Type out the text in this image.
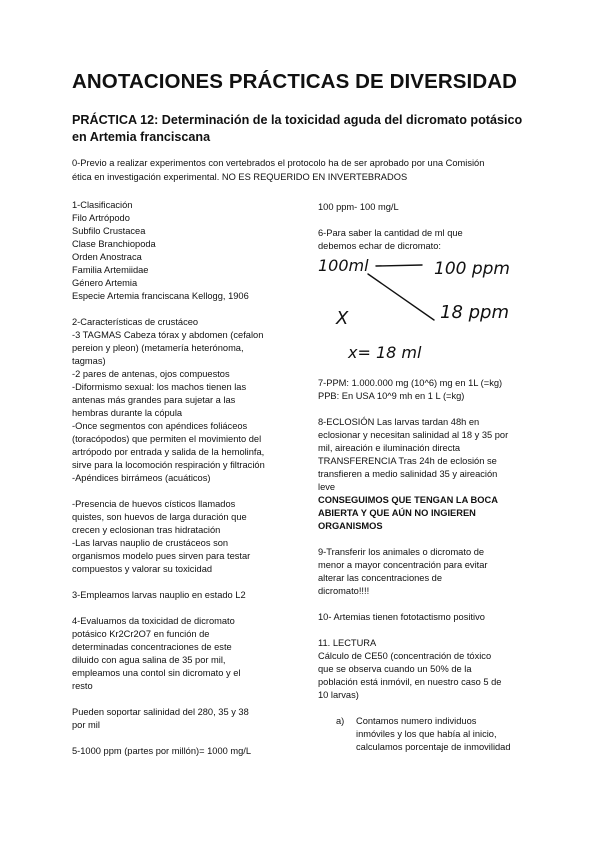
ANOTACIONES PRÁCTICAS DE DIVERSIDAD
PRÁCTICA 12: Determinación de la toxicidad aguda del dicromato potásico en Artemia franciscana
0-Previo a realizar experimentos con vertebrados el protocolo ha de ser aprobado por una Comisión
ética en investigación experimental. NO ES REQUERIDO EN INVERTEBRADOS

1-Clasificación

Filo Artrópodo

Subfilo Crustacea

Clase Branchiopoda

Orden Anostraca

Familia Artemiidae

Género Artemia

Especie Artemia franciscana Kellogg, 1906

2-Características de crustáceo

-3 TAGMAS Cabeza tórax y abdomen (cefalon

pereion y pleon) (metamería heterónoma,

tagmas)

-2 pares de antenas, ojos compuestos

-Diformismo sexual: los machos tienen las

antenas más grandes para sujetar a las

hembras durante la cópula

-Once segmentos con apéndices foliáceos

(toracópodos) que permiten el movimiento del

artrópodo por entrada y salida de la hemolinfa,

sirve para la locomoción respiración y filtración

-Apéndices birrámeos (acuáticos)

-Presencia de huevos císticos llamados

quistes, son huevos de larga duración que

crecen y eclosionan tras hidratación

-Las larvas nauplio de crustáceos son

organismos modelo pues sirven para testar

compuestos y valorar su toxicidad

3-Empleamos larvas nauplio en estado L2

4-Evaluamos da toxicidad de dicromato

potásico Kr2Cr2O7 en función de

determinadas concentraciones de este

diluido con agua salina de 35 por mil,

empleamos una contol sin dicromato y el

resto

Pueden soportar salinidad del 280, 35 y 38

por mil

5-1000 ppm (partes por millón)= 1000 mg/L

100 ppm- 100 mg/L

6-Para saber la cantidad de ml que

debemos echar de dicromato:

7-PPM: 1.000.000 mg (10^6) mg en 1L (=kg)

PPB: En USA 10^9 mh en 1 L (=kg)

8-ECLOSIÓN Las larvas tardan 48h en

eclosionar y necesitan salinidad al 18 y 35 por

mil, aireación e iluminación directa

TRANSFERENCIA Tras 24h de eclosión se

transfieren a medio salinidad 35 y aireación

leve

CONSEGUIMOS QUE TENGAN LA BOCA

ABIERTA Y QUE AÚN NO INGIEREN

ORGANISMOS

9-Transferir los animales o dicromato de

menor a mayor concentración para evitar

alterar las concentraciones de

dicromato!!!!

10- Artemias tienen fototactismo positivo

11. LECTURA

Cálculo de CE50 (concentración de tóxico

que se observa cuando un 50% de la

población está inmóvil, en nuestro caso 5 de

10 larvas)

a)	Contamos numero individuos

inmóviles y los que había al inicio,

calculamos porcentaje de inmovilidad

100ml	100 ppm
X	18 ppm
x= 18 ml
